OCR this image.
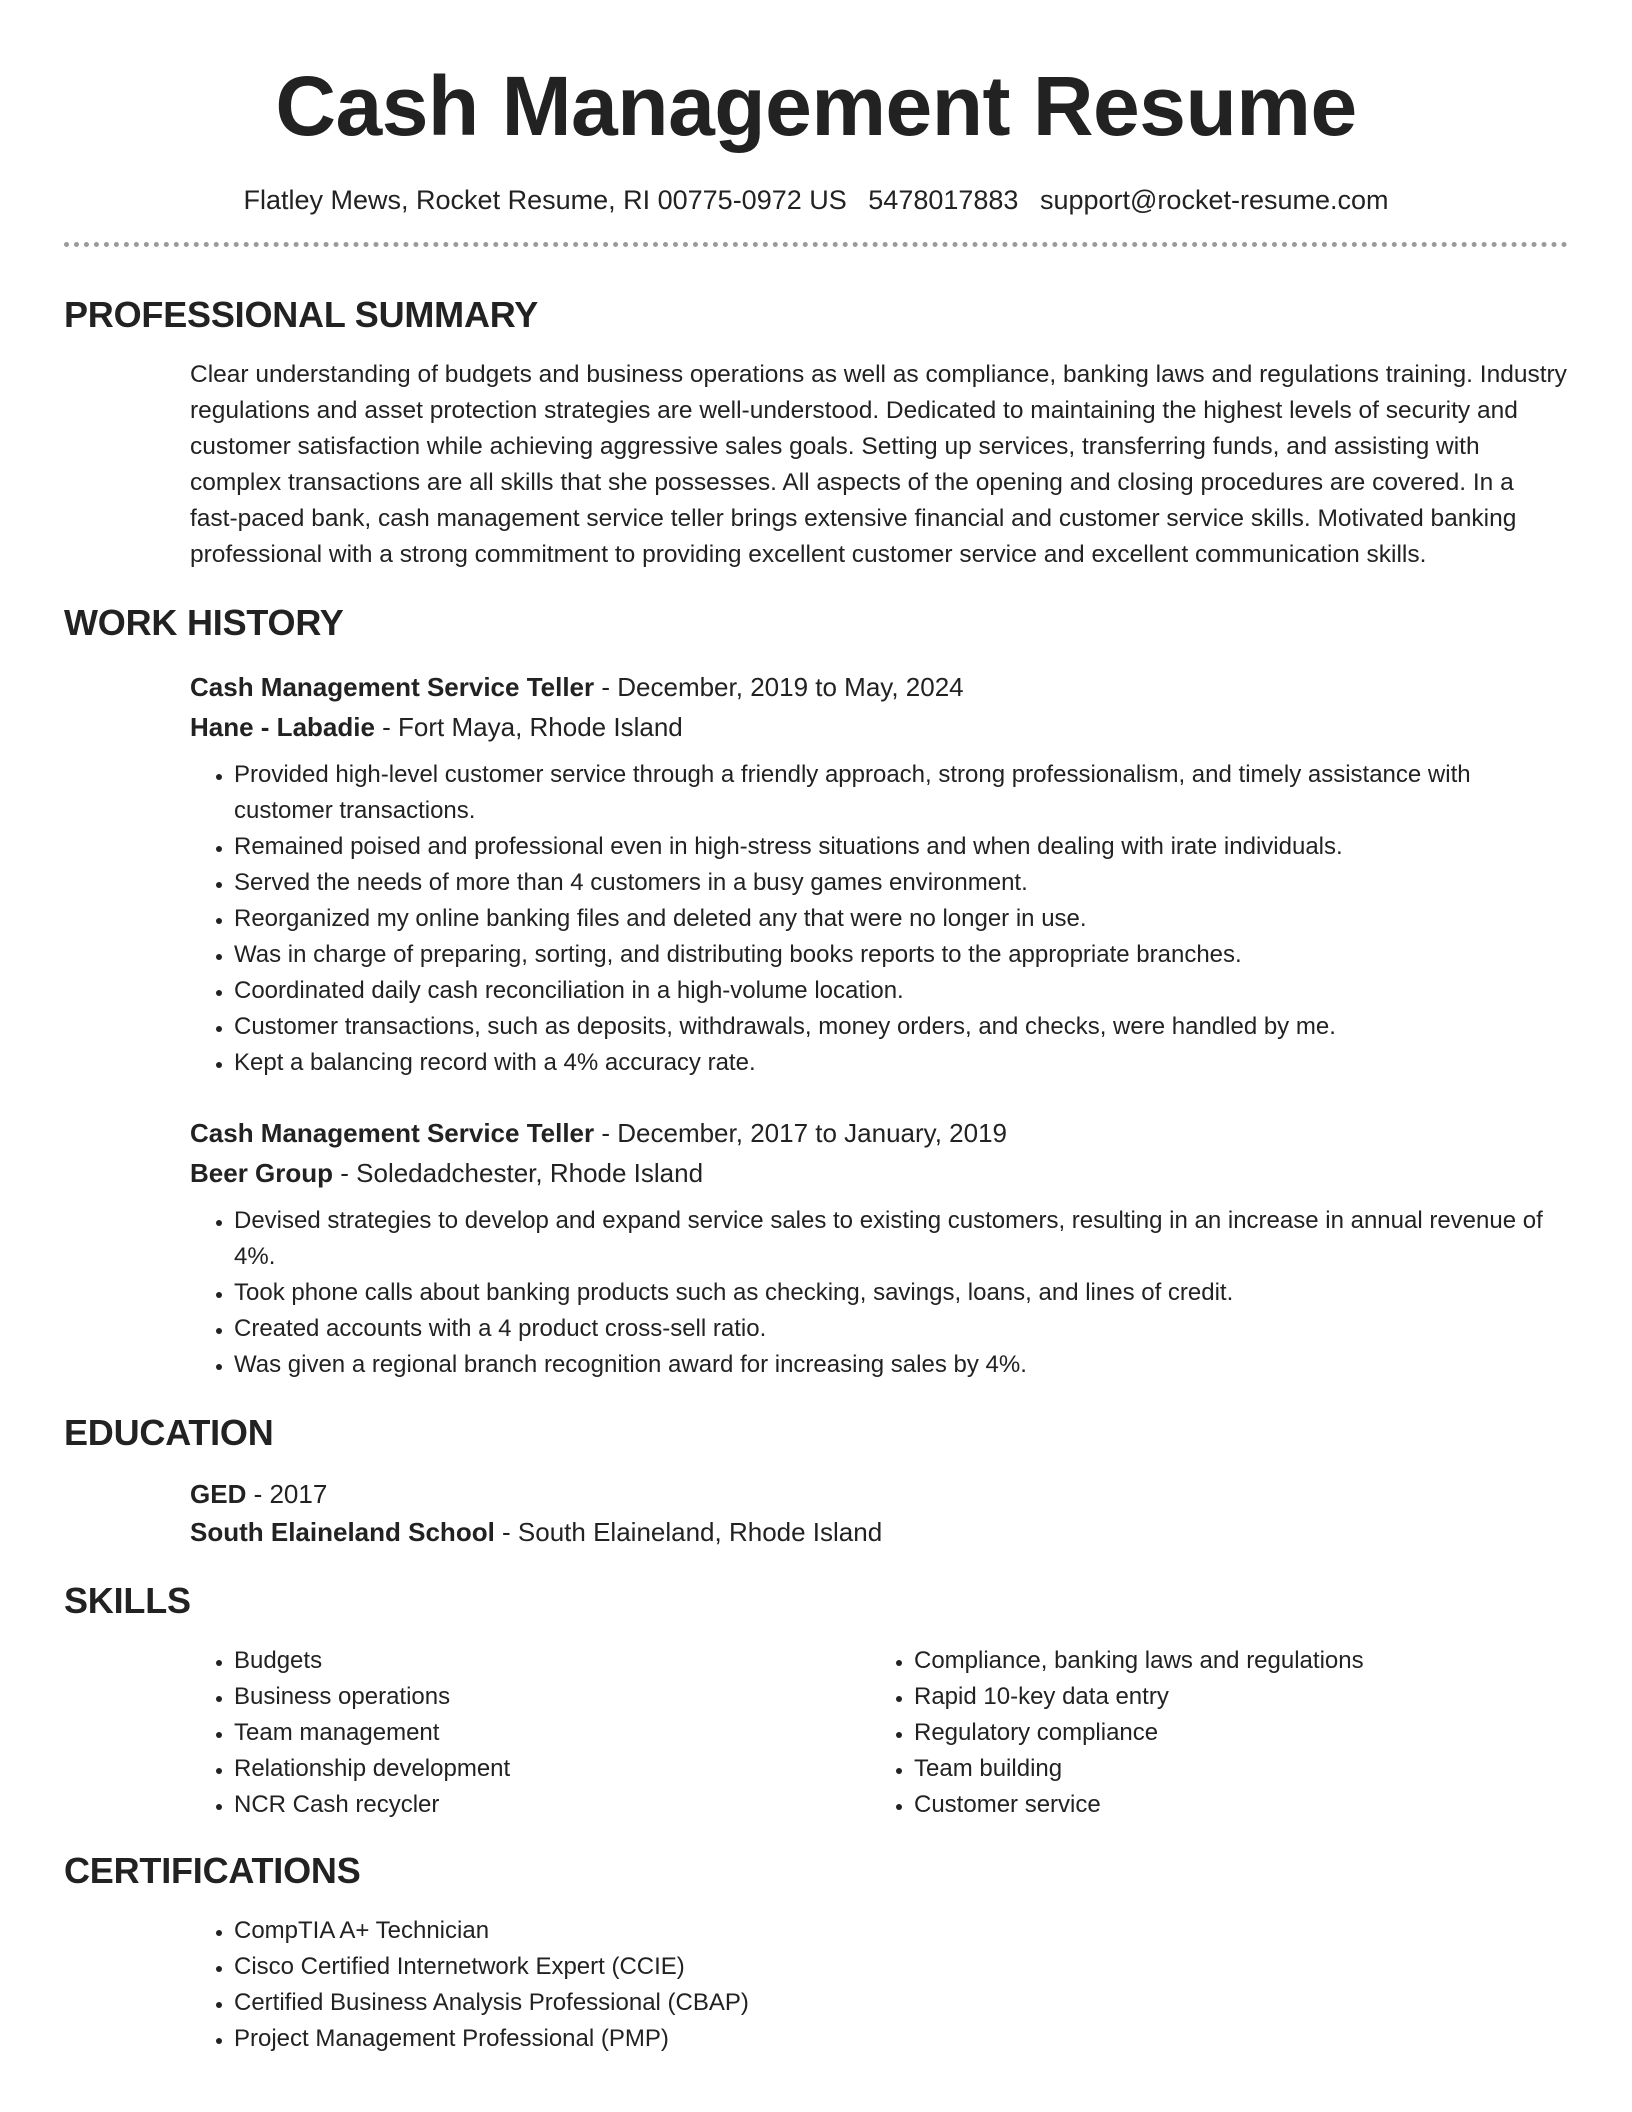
Cash Management Resume
Flatley Mews, Rocket Resume, RI 00775-0972 US 5478017883 support@rocket-resume.com
PROFESSIONAL SUMMARY
Clear understanding of budgets and business operations as well as compliance, banking laws and regulations training. Industry regulations and asset protection strategies are well-understood. Dedicated to maintaining the highest levels of security and customer satisfaction while achieving aggressive sales goals. Setting up services, transferring funds, and assisting with complex transactions are all skills that she possesses. All aspects of the opening and closing procedures are covered. In a fast-paced bank, cash management service teller brings extensive financial and customer service skills. Motivated banking professional with a strong commitment to providing excellent customer service and excellent communication skills.
WORK HISTORY
Cash Management Service Teller - December, 2019 to May, 2024
Hane - Labadie - Fort Maya, Rhode Island
• Provided high-level customer service through a friendly approach, strong professionalism, and timely assistance with customer transactions.
• Remained poised and professional even in high-stress situations and when dealing with irate individuals.
• Served the needs of more than 4 customers in a busy games environment.
• Reorganized my online banking files and deleted any that were no longer in use.
• Was in charge of preparing, sorting, and distributing books reports to the appropriate branches.
• Coordinated daily cash reconciliation in a high-volume location.
• Customer transactions, such as deposits, withdrawals, money orders, and checks, were handled by me.
• Kept a balancing record with a 4% accuracy rate.
Cash Management Service Teller - December, 2017 to January, 2019
Beer Group - Soledadchester, Rhode Island
• Devised strategies to develop and expand service sales to existing customers, resulting in an increase in annual revenue of 4%.
• Took phone calls about banking products such as checking, savings, loans, and lines of credit.
• Created accounts with a 4 product cross-sell ratio.
• Was given a regional branch recognition award for increasing sales by 4%.
EDUCATION
GED - 2017
South Elaineland School - South Elaineland, Rhode Island
SKILLS
• Budgets
• Business operations
• Team management
• Relationship development
• NCR Cash recycler
• Compliance, banking laws and regulations
• Rapid 10-key data entry
• Regulatory compliance
• Team building
• Customer service
CERTIFICATIONS
• CompTIA A+ Technician
• Cisco Certified Internetwork Expert (CCIE)
• Certified Business Analysis Professional (CBAP)
• Project Management Professional (PMP)
